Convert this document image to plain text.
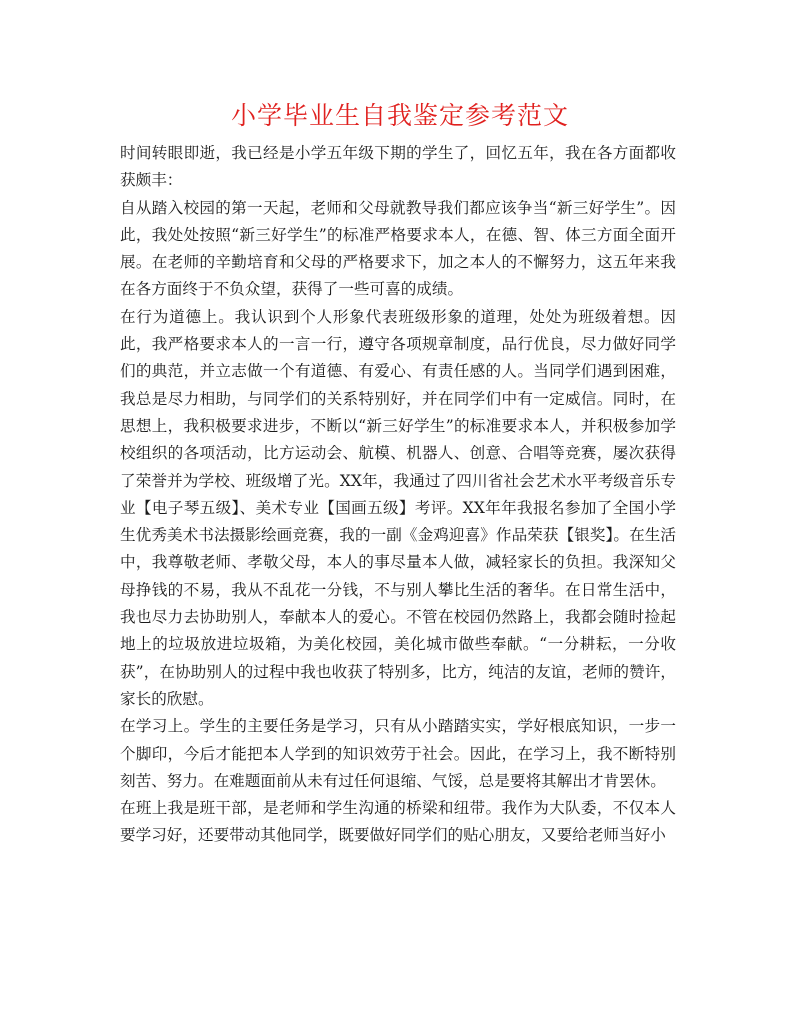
小学毕业生自我鉴定参考范文

时间转眼即逝，我已经是小学五年级下期的学生了，回忆五年，我在各方面都收获颇丰：

自从踏入校园的第一天起，老师和父母就教导我们都应该争当“新三好学生”。因此，我处处按照“新三好学生”的标准严格要求本人，在德、智、体三方面全面开展。在老师的辛勤培育和父母的严格要求下，加之本人的不懈努力，这五年来我在各方面终于不负众望，获得了一些可喜的成绩。

在行为道德上。我认识到个人形象代表班级形象的道理，处处为班级着想。因此，我严格要求本人的一言一行，遵守各项规章制度，品行优良，尽力做好同学们的典范，并立志做一个有道德、有爱心、有责任感的人。当同学们遇到困难，我总是尽力相助，与同学们的关系特别好，并在同学们中有一定威信。同时，在思想上，我积极要求进步，不断以“新三好学生”的标准要求本人，并积极参加学校组织的各项活动，比方运动会、航模、机器人、创意、合唱等竞赛，屡次获得了荣誉并为学校、班级增了光。XX年，我通过了四川省社会艺术水平考级音乐专业【电子琴五级】、美术专业【国画五级】考评。XX年年我报名参加了全国小学生优秀美术书法摄影绘画竞赛，我的一副《金鸡迎喜》作品荣获【银奖】。在生活中，我尊敬老师、孝敬父母，本人的事尽量本人做，减轻家长的负担。我深知父母挣钱的不易，我从不乱花一分钱，不与别人攀比生活的奢华。在日常生活中，我也尽力去协助别人，奉献本人的爱心。不管在校园仍然路上，我都会随时捡起地上的垃圾放进垃圾箱，为美化校园，美化城市做些奉献。“一分耕耘，一分收获”，在协助别人的过程中我也收获了特别多，比方，纯洁的友谊，老师的赞许，家长的欣慰。

在学习上。学生的主要任务是学习，只有从小踏踏实实，学好根底知识，一步一个脚印，今后才能把本人学到的知识效劳于社会。因此，在学习上，我不断特别刻苦、努力。在难题面前从未有过任何退缩、气馁，总是要将其解出才肯罢休。

在班上我是班干部，是老师和学生沟通的桥梁和纽带。我作为大队委，不仅本人要学习好，还要带动其他同学，既要做好同学们的贴心朋友，又要给老师当好小
